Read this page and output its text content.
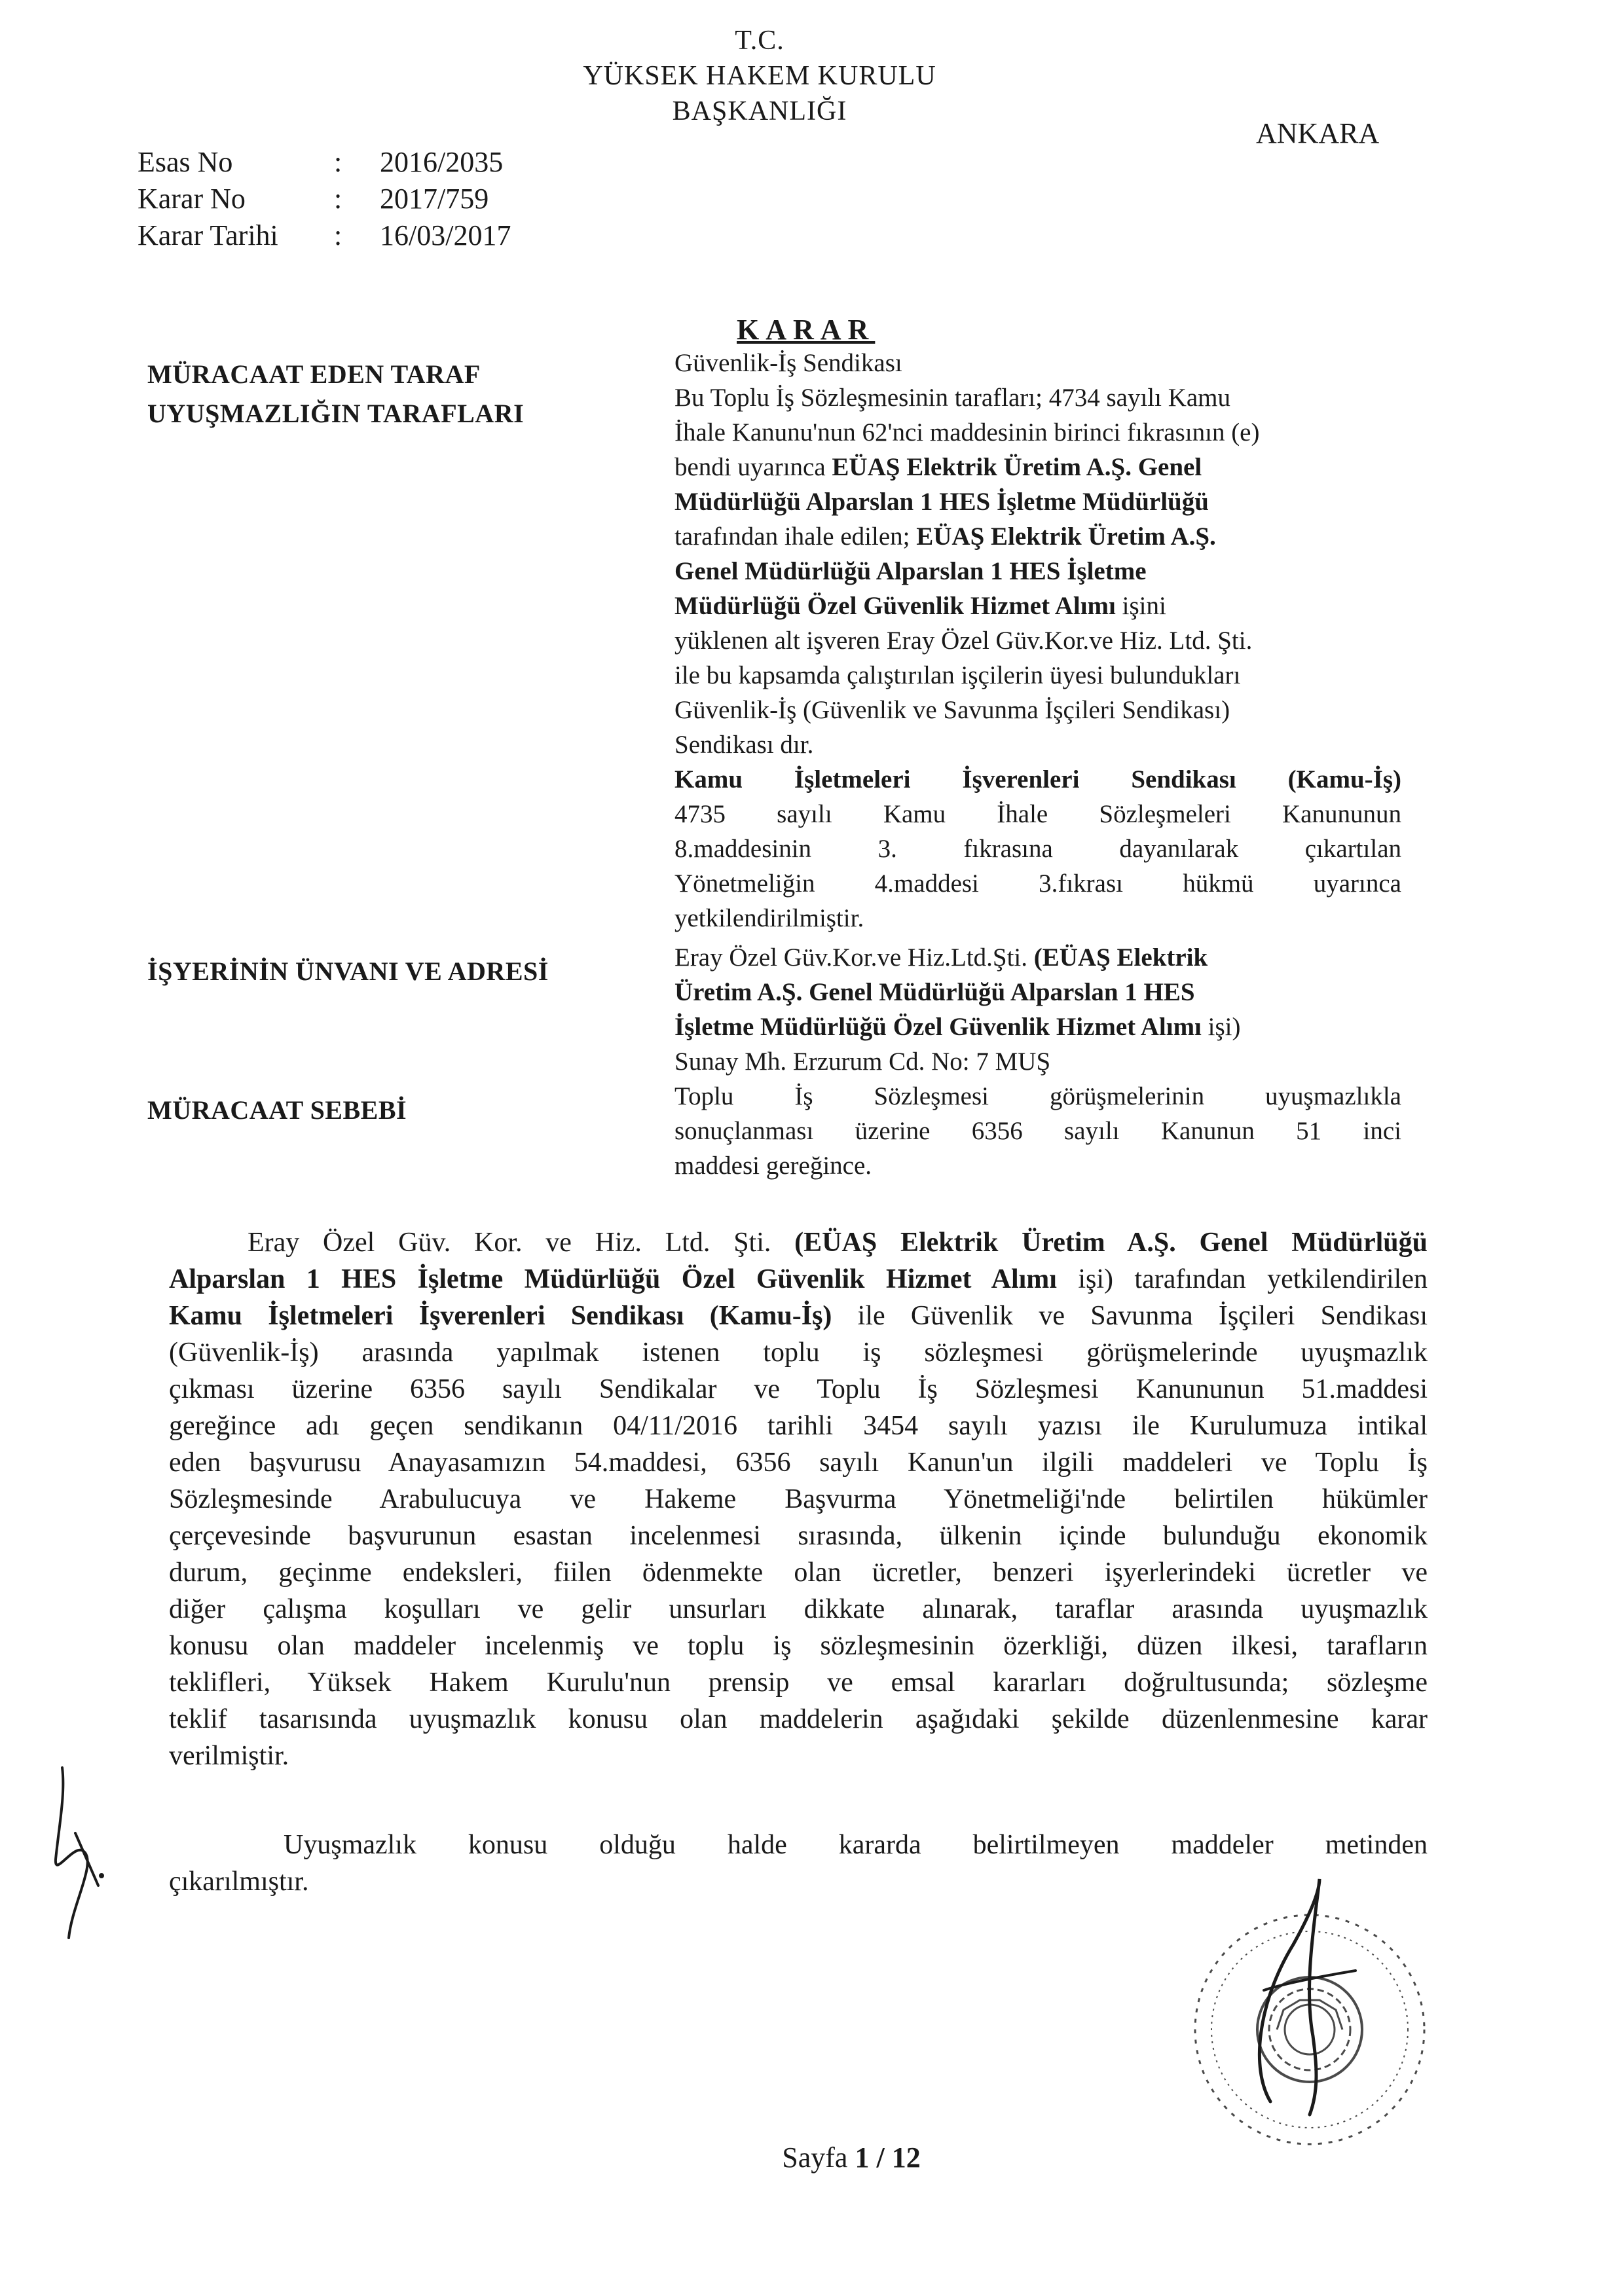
T.C.
YÜKSEK HAKEM KURULU
BAŞKANLIĞI
ANKARA
Esas No	: 2016/2035
Karar No	: 2017/759
Karar Tarihi : 16/03/2017
KARAR
MÜRACAAT EDEN TARAF
UYUŞMAZLIĞIN TARAFLARI
İŞYERİNİN ÜNVANI VE ADRESİ
MÜRACAAT SEBEBİ
Güvenlik-İş Sendikası
Bu Toplu İş Sözleşmesinin tarafları; 4734 sayılı Kamu
İhale Kanunu'nun 62'nci maddesinin birinci fıkrasının (e)
bendi uyarınca EÜAŞ Elektrik Üretim A.Ş. Genel
Müdürlüğü Alparslan 1 HES İşletme Müdürlüğü
tarafından ihale edilen; EÜAŞ Elektrik Üretim A.Ş.
Genel Müdürlüğü Alparslan 1 HES İşletme
Müdürlüğü Özel Güvenlik Hizmet Alımı işini
yüklenen alt işveren Eray Özel Güv.Kor.ve Hiz. Ltd. Şti.
ile bu kapsamda çalıştırılan işçilerin üyesi bulundukları
Güvenlik-İş (Güvenlik ve Savunma İşçileri Sendikası)
Sendikası dır.
Kamu İşletmeleri İşverenleri Sendikası (Kamu-İş)
4735 sayılı Kamu İhale Sözleşmeleri Kanununun
8.maddesinin 3. fıkrasına dayanılarak çıkartılan
Yönetmeliğin 4.maddesi 3.fıkrası hükmü uyarınca
yetkilendirilmiştir.
Eray Özel Güv.Kor.ve Hiz.Ltd.Şti. (EÜAŞ Elektrik
Üretim A.Ş. Genel Müdürlüğü Alparslan 1 HES
İşletme Müdürlüğü Özel Güvenlik Hizmet Alımı işi)
Sunay Mh. Erzurum Cd. No: 7 MUŞ
Toplu İş Sözleşmesi görüşmelerinin uyuşmazlıkla
sonuçlanması üzerine 6356 sayılı Kanunun 51 inci
maddesi gereğince.
Eray Özel Güv. Kor. ve Hiz. Ltd. Şti. (EÜAŞ Elektrik Üretim A.Ş. Genel Müdürlüğü
Alparslan 1 HES İşletme Müdürlüğü Özel Güvenlik Hizmet Alımı işi) tarafından yetkilendirilen
Kamu İşletmeleri İşverenleri Sendikası (Kamu-İş) ile Güvenlik ve Savunma İşçileri Sendikası
(Güvenlik-İş) arasında yapılmak istenen toplu iş sözleşmesi görüşmelerinde uyuşmazlık
çıkması üzerine 6356 sayılı Sendikalar ve Toplu İş Sözleşmesi Kanununun 51.maddesi
gereğince adı geçen sendikanın 04/11/2016 tarihli 3454 sayılı yazısı ile Kurulumuza intikal
eden başvurusu Anayasamızın 54.maddesi, 6356 sayılı Kanun'un ilgili maddeleri ve Toplu İş
Sözleşmesinde Arabulucuya ve Hakeme Başvurma Yönetmeliği'nde belirtilen hükümler
çerçevesinde başvurunun esastan incelenmesi sırasında, ülkenin içinde bulunduğu ekonomik
durum, geçinme endeksleri, fiilen ödenmekte olan ücretler, benzeri işyerlerindeki ücretler ve
diğer çalışma koşulları ve gelir unsurları dikkate alınarak, taraflar arasında uyuşmazlık
konusu olan maddeler incelenmiş ve toplu iş sözleşmesinin özerkliği, düzen ilkesi, tarafların
teklifleri, Yüksek Hakem Kurulu'nun prensip ve emsal kararları doğrultusunda; sözleşme
teklif tasarısında uyuşmazlık konusu olan maddelerin aşağıdaki şekilde düzenlenmesine karar
verilmiştir.
Uyuşmazlık konusu olduğu halde kararda belirtilmeyen maddeler metinden
çıkarılmıştır.
Sayfa 1 / 12
